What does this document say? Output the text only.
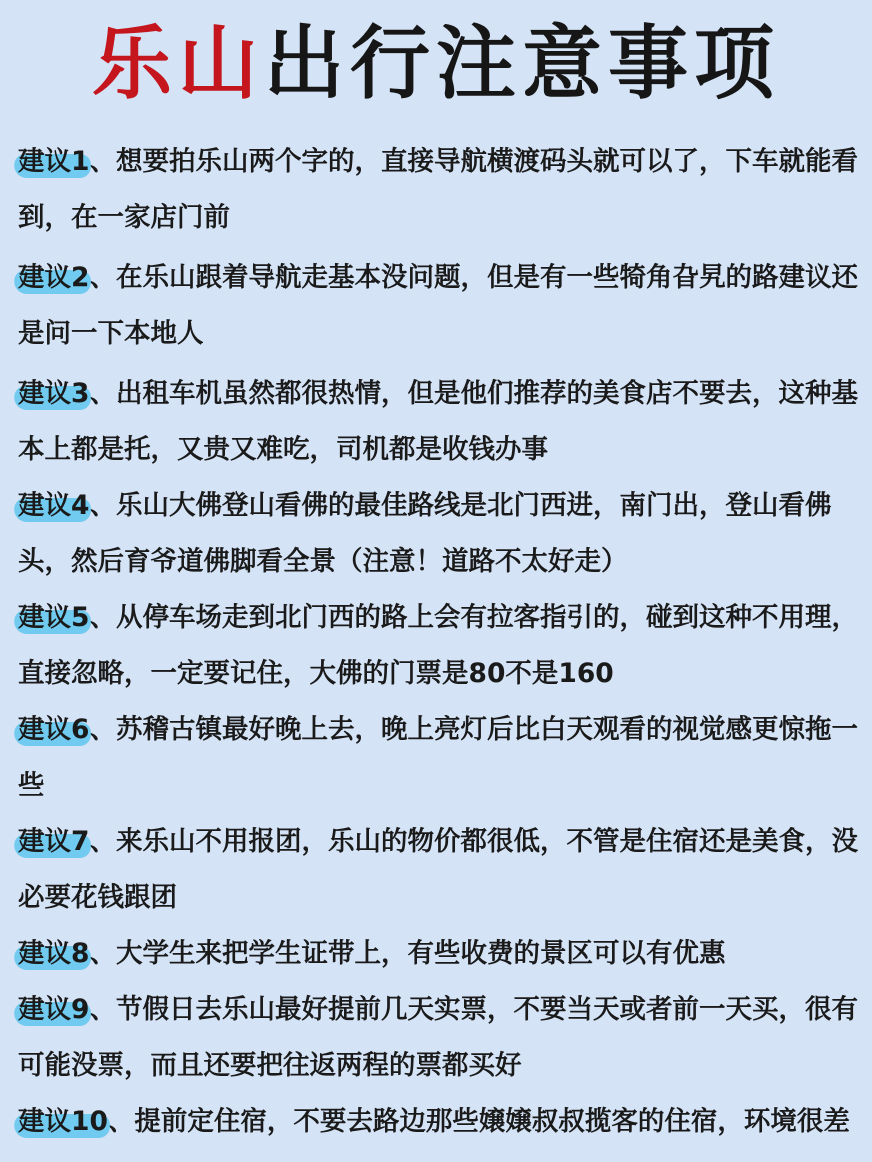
乐山出行注意事项

建议1、想要拍乐山两个字的，直接导航横渡码头就可以了，下车就能看到，在一家店门前

建议2、在乐山跟着导航走基本没问题，但是有一些犄角旮旯的路建议还是问一下本地人

建议3、出租车机虽然都很热情，但是他们推荐的美食店不要去，这种基本上都是托，又贵又难吃，司机都是收钱办事

建议4、乐山大佛登山看佛的最佳路线是北门西进，南门出，登山看佛头，然后育爷道佛脚看全景（注意！道路不太好走）

建议5、从停车场走到北门西的路上会有拉客指引的，碰到这种不用理，直接忽略，一定要记住，大佛的门票是80不是160

建议6、苏稽古镇最好晚上去，晚上亮灯后比白天观看的视觉感更惊拖一些

建议7、来乐山不用报团，乐山的物价都很低，不管是住宿还是美食，没必要花钱跟团

建议8、大学生来把学生证带上，有些收费的景区可以有优惠

建议9、节假日去乐山最好提前几天实票，不要当天或者前一天买，很有可能没票，而且还要把往返两程的票都买好

建议10、提前定住宿，不要去路边那些嬢嬢叔叔揽客的住宿，环境很差
